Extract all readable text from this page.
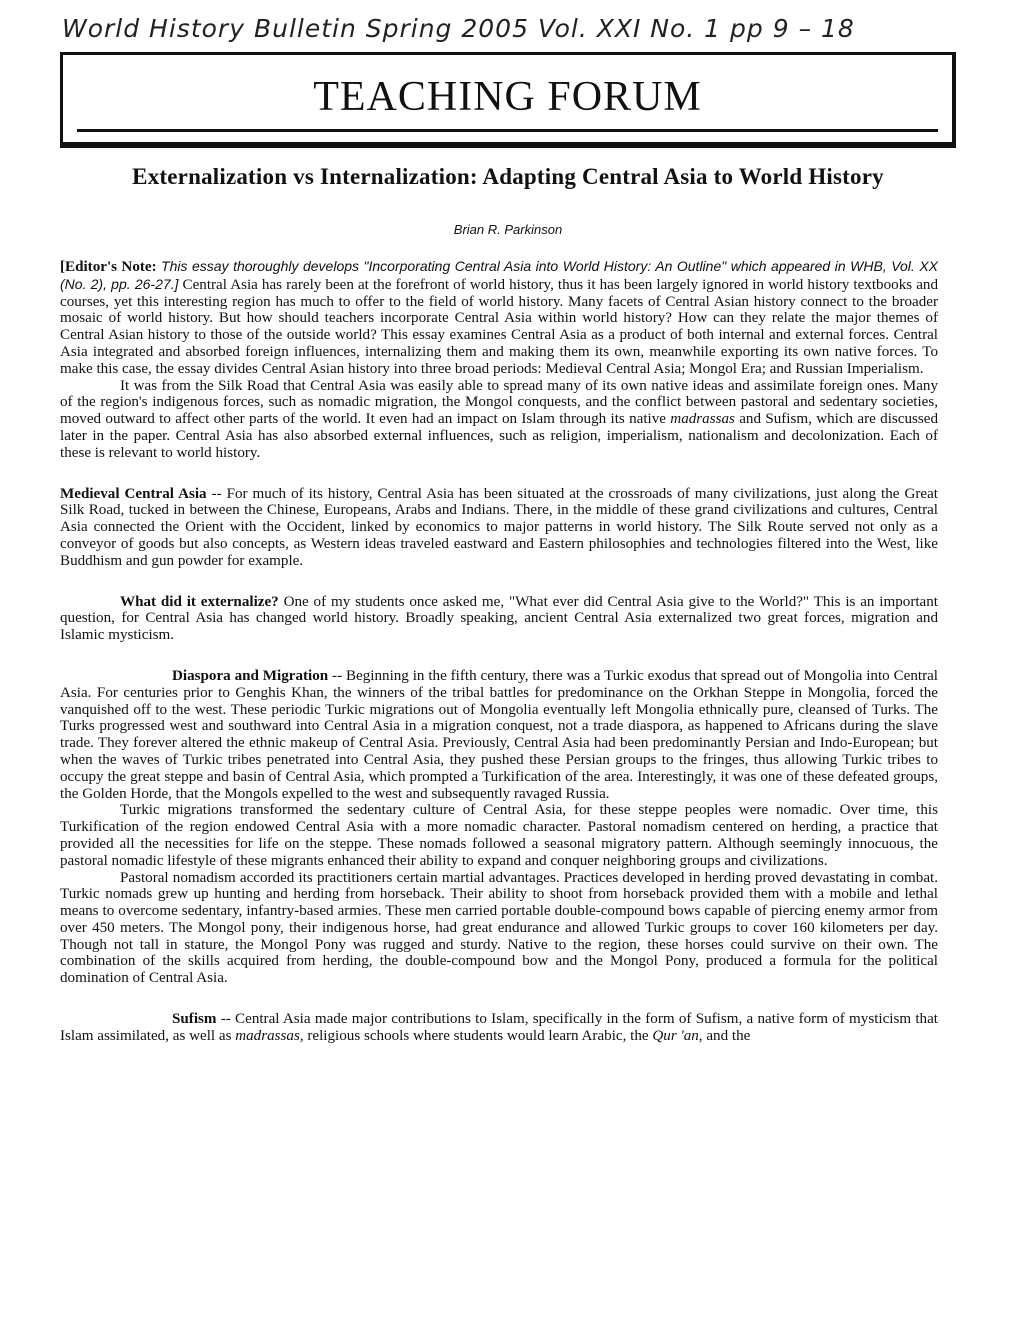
World History Bulletin Spring 2005 Vol. XXI No. 1 pp 9 – 18
TEACHING FORUM
Externalization vs Internalization: Adapting Central Asia to World History
Brian R. Parkinson

[Editor's Note: This essay thoroughly develops "Incorporating Central Asia into World History: An Outline" which appeared in WHB, Vol. XX (No. 2), pp. 26-27.] Central Asia has rarely been at the forefront of world history, thus it has been largely ignored in world history textbooks and courses, yet this interesting region has much to offer to the field of world history. Many facets of Central Asian history connect to the broader mosaic of world history. But how should teachers incorporate Central Asia within world history? How can they relate the major themes of Central Asian history to those of the outside world? This essay examines Central Asia as a product of both internal and external forces. Central Asia integrated and absorbed foreign influences, internalizing them and making them its own, meanwhile exporting its own native forces. To make this case, the essay divides Central Asian history into three broad periods: Medieval Central Asia; Mongol Era; and Russian Imperialism.

It was from the Silk Road that Central Asia was easily able to spread many of its own native ideas and assimilate foreign ones. Many of the region's indigenous forces, such as nomadic migration, the Mongol conquests, and the conflict between pastoral and sedentary societies, moved outward to affect other parts of the world. It even had an impact on Islam through its native madrassas and Sufism, which are discussed later in the paper. Central Asia has also absorbed external influences, such as religion, imperialism, nationalism and decolonization. Each of these is relevant to world history.

Medieval Central Asia -- For much of its history, Central Asia has been situated at the crossroads of many civilizations, just along the Great Silk Road, tucked in between the Chinese, Europeans, Arabs and Indians. There, in the middle of these grand civilizations and cultures, Central Asia connected the Orient with the Occident, linked by economics to major patterns in world history. The Silk Route served not only as a conveyor of goods but also concepts, as Western ideas traveled eastward and Eastern philosophies and technologies filtered into the West, like Buddhism and gun powder for example.

What did it externalize? One of my students once asked me, "What ever did Central Asia give to the World?" This is an important question, for Central Asia has changed world history. Broadly speaking, ancient Central Asia externalized two great forces, migration and Islamic mysticism.

Diaspora and Migration -- Beginning in the fifth century, there was a Turkic exodus that spread out of Mongolia into Central Asia. For centuries prior to Genghis Khan, the winners of the tribal battles for predominance on the Orkhan Steppe in Mongolia, forced the vanquished off to the west. These periodic Turkic migrations out of Mongolia eventually left Mongolia ethnically pure, cleansed of Turks. The Turks progressed west and southward into Central Asia in a migration conquest, not a trade diaspora, as happened to Africans during the slave trade. They forever altered the ethnic makeup of Central Asia. Previously, Central Asia had been predominantly Persian and Indo-European; but when the waves of Turkic tribes penetrated into Central Asia, they pushed these Persian groups to the fringes, thus allowing Turkic tribes to occupy the great steppe and basin of Central Asia, which prompted a Turkification of the area. Interestingly, it was one of these defeated groups, the Golden Horde, that the Mongols expelled to the west and subsequently ravaged Russia.

Turkic migrations transformed the sedentary culture of Central Asia, for these steppe peoples were nomadic. Over time, this Turkification of the region endowed Central Asia with a more nomadic character. Pastoral nomadism centered on herding, a practice that provided all the necessities for life on the steppe. These nomads followed a seasonal migratory pattern. Although seemingly innocuous, the pastoral nomadic lifestyle of these migrants enhanced their ability to expand and conquer neighboring groups and civilizations.

Pastoral nomadism accorded its practitioners certain martial advantages. Practices developed in herding proved devastating in combat. Turkic nomads grew up hunting and herding from horseback. Their ability to shoot from horseback provided them with a mobile and lethal means to overcome sedentary, infantry-based armies. These men carried portable double-compound bows capable of piercing enemy armor from over 450 meters. The Mongol pony, their indigenous horse, had great endurance and allowed Turkic groups to cover 160 kilometers per day. Though not tall in stature, the Mongol Pony was rugged and sturdy. Native to the region, these horses could survive on their own. The combination of the skills acquired from herding, the double-compound bow and the Mongol Pony, produced a formula for the political domination of Central Asia.

Sufism -- Central Asia made major contributions to Islam, specifically in the form of Sufism, a native form of mysticism that Islam assimilated, as well as madrassas, religious schools where students would learn Arabic, the Qur 'an, and the
